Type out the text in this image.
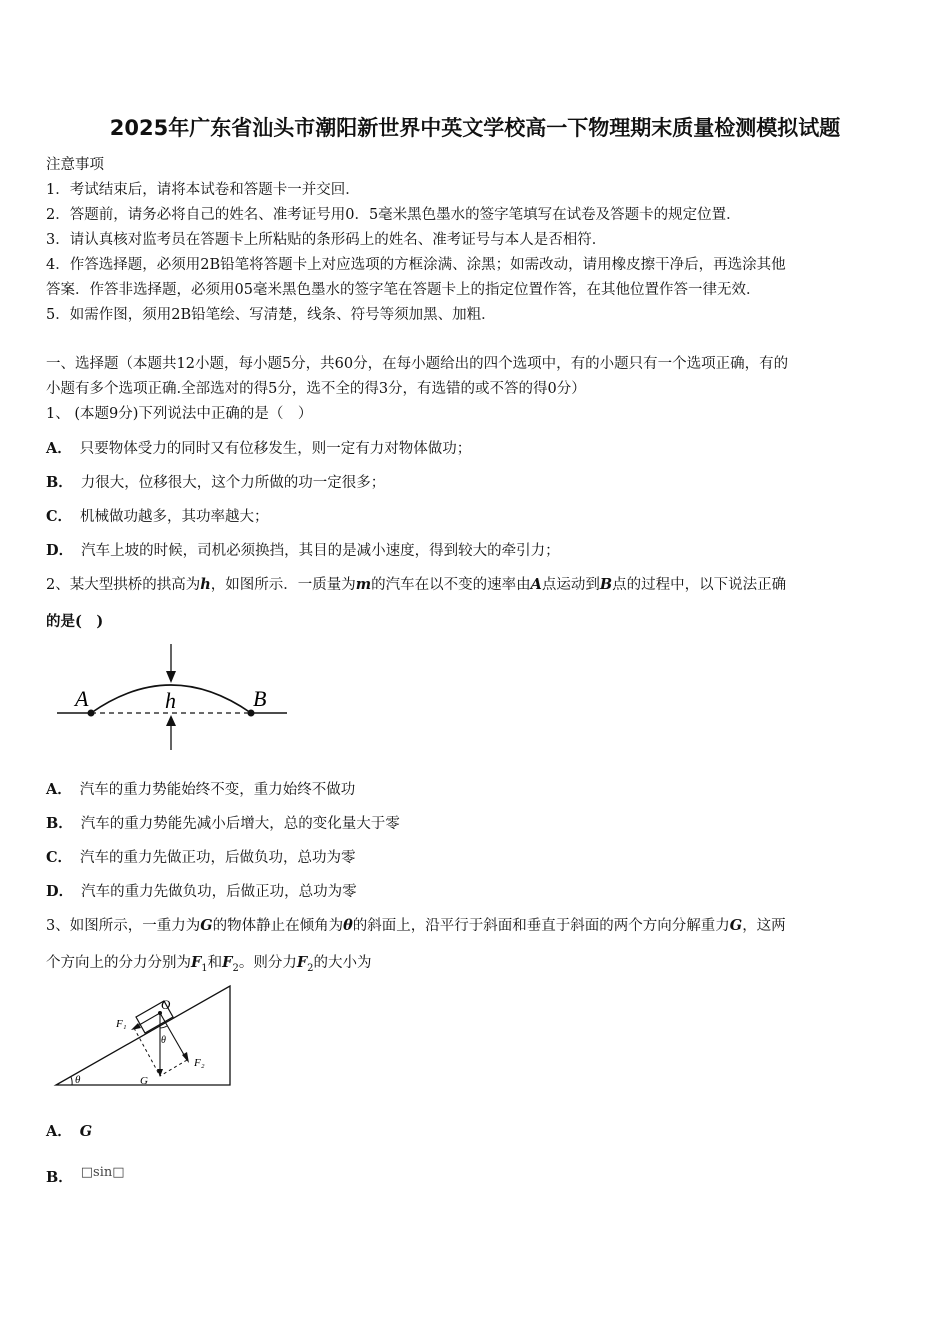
2025年广东省汕头市潮阳新世界中英文学校高一下物理期末质量检测模拟试题
注意事项
1．考试结束后，请将本试卷和答题卡一并交回．
2．答题前，请务必将自己的姓名、准考证号用0．5毫米黑色墨水的签字笔填写在试卷及答题卡的规定位置．
3．请认真核对监考员在答题卡上所粘贴的条形码上的姓名、准考证号与本人是否相符．
4．作答选择题，必须用2B铅笔将答题卡上对应选项的方框涂满、涂黑；如需改动，请用橡皮擦干净后，再选涂其他
答案．作答非选择题，必须用05毫米黑色墨水的签字笔在答题卡上的指定位置作答，在其他位置作答一律无效．
5．如需作图，须用2B铅笔绘、写清楚，线条、符号等须加黑、加粗．
一、选择题（本题共12小题，每小题5分，共60分，在每小题给出的四个选项中，有的小题只有一个选项正确，有的
小题有多个选项正确.全部选对的得5分，选不全的得3分，有选错的或不答的得0分）
1、 (本题9分)下列说法中正确的是（　）
A． 只要物体受力的同时又有位移发生，则一定有力对物体做功；
B． 力很大，位移很大，这个力所做的功一定很多；
C． 机械做功越多，其功率越大；
D． 汽车上坡的时候，司机必须换挡，其目的是减小速度，得到较大的牵引力；
2、某大型拱桥的拱高为h，如图所示．一质量为m的汽车在以不变的速率由A点运动到B点的过程中，以下说法正确
的是(　)
A	h	B
A． 汽车的重力势能始终不变，重力始终不做功
B． 汽车的重力势能先减小后增大，总的变化量大于零
C． 汽车的重力先做正功，后做负功，总功为零
D． 汽车的重力先做负功，后做正功，总功为零
3、如图所示，一重力为G的物体静止在倾角为θ的斜面上，沿平行于斜面和垂直于斜面的两个方向分解重力G，这两
个方向上的分力分别为$F_1$和$F_2$。则分力$F_2$的大小为
F₁
O
θ
F₂
θ	G
A． G
B． □sin□
